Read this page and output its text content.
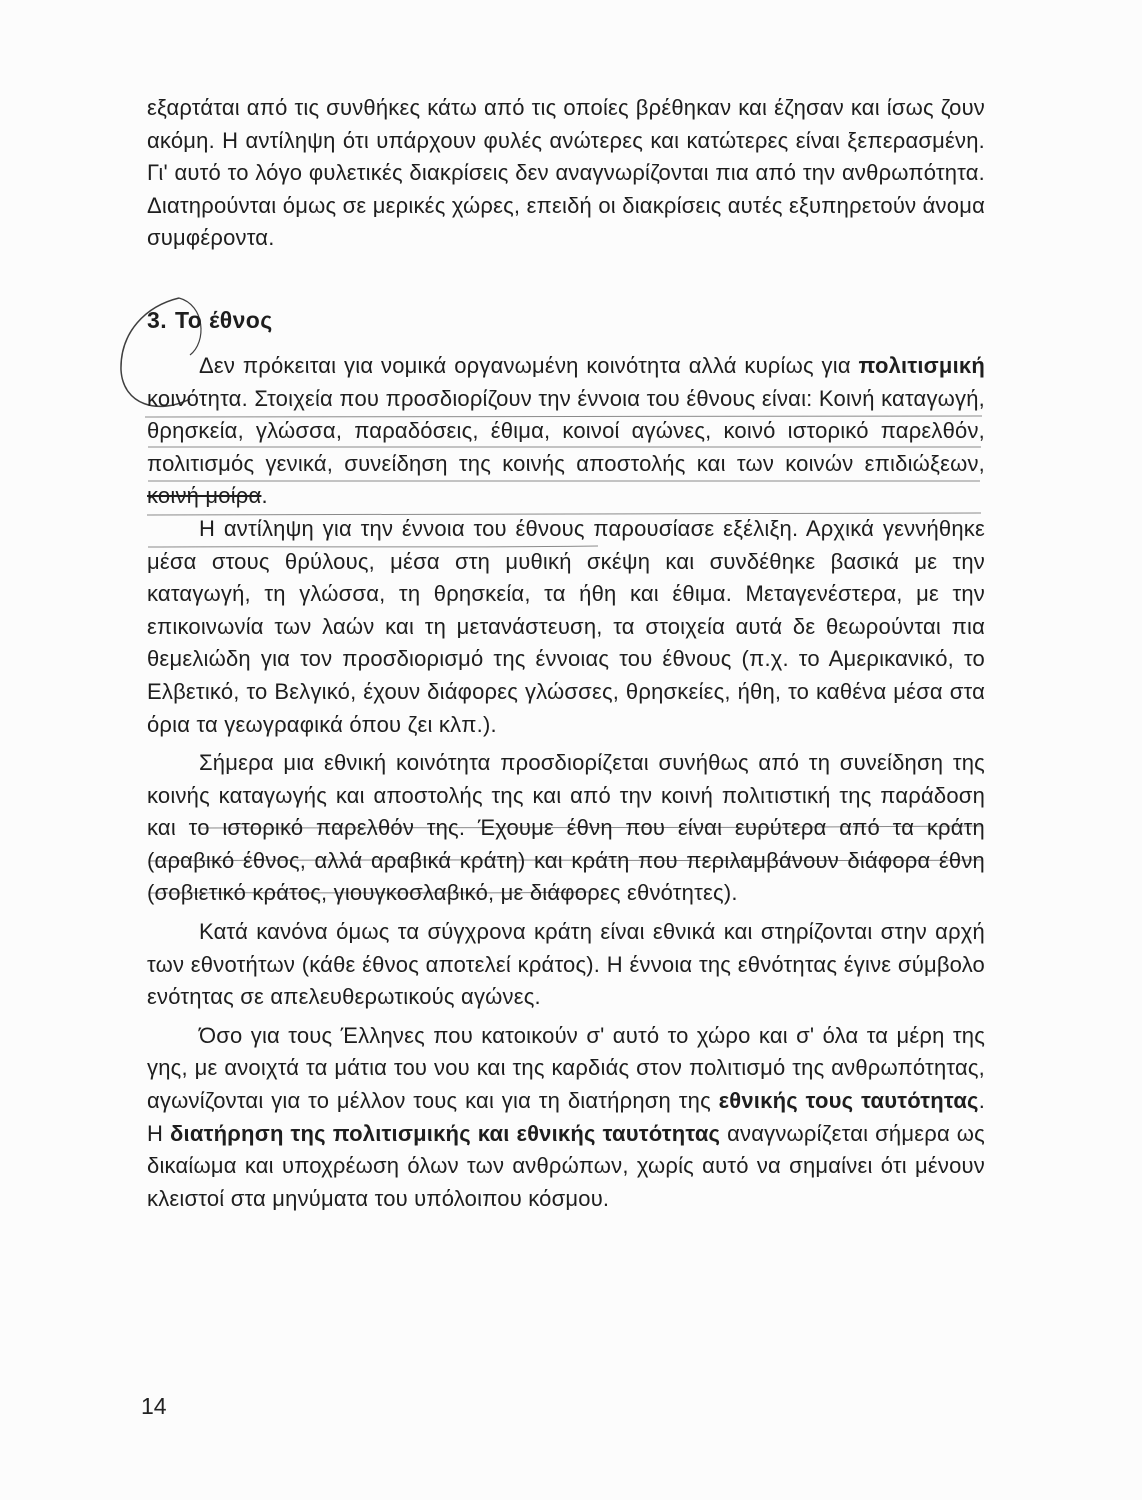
εξαρτάται από τις συνθήκες κάτω από τις οποίες βρέθηκαν και έζησαν και ίσως ζουν ακόμη. Η αντίληψη ότι υπάρχουν φυλές ανώτερες και κατώτερες είναι ξεπερασμένη. Γι' αυτό το λόγο φυλετικές διακρίσεις δεν αναγνωρίζονται πια από την ανθρωπότητα. Διατηρούνται όμως σε μερικές χώρες, επειδή οι διακρίσεις αυτές εξυπηρετούν άνομα συμφέροντα.

3. Το έθνος

Δεν πρόκειται για νομικά οργανωμένη κοινότητα αλλά κυρίως για πολιτισμική κοινότητα. Στοιχεία που προσδιορίζουν την έννοια του έθνους είναι: Κοινή καταγωγή, θρησκεία, γλώσσα, παραδόσεις, έθιμα, κοινοί αγώνες, κοινό ιστορικό παρελθόν, πολιτισμός γενικά, συνείδηση της κοινής αποστολής και των κοινών επιδιώξεων, κοινή μοίρα.

Η αντίληψη για την έννοια του έθνους παρουσίασε εξέλιξη. Αρχικά γεννήθηκε μέσα στους θρύλους, μέσα στη μυθική σκέψη και συνδέθηκε βασικά με την καταγωγή, τη γλώσσα, τη θρησκεία, τα ήθη και έθιμα. Μεταγενέστερα, με την επικοινωνία των λαών και τη μετανάστευση, τα στοιχεία αυτά δε θεωρούνται πια θεμελιώδη για τον προσδιορισμό της έννοιας του έθνους (π.χ. το Αμερικανικό, το Ελβετικό, το Βελγικό, έχουν διάφορες γλώσσες, θρησκείες, ήθη, το καθένα μέσα στα όρια τα γεωγραφικά όπου ζει κλπ.).

Σήμερα μια εθνική κοινότητα προσδιορίζεται συνήθως από τη συνείδηση της κοινής καταγωγής και αποστολής της και από την κοινή πολιτιστική της παράδοση και το ιστορικό παρελθόν της. Έχουμε έθνη που είναι ευρύτερα από τα κράτη (αραβικό έθνος, αλλά αραβικά κράτη) και κράτη που περιλαμβάνουν διάφορα έθνη (σοβιετικό κράτος, γιουγκοσλαβικό, με διάφορες εθνότητες).

Κατά κανόνα όμως τα σύγχρονα κράτη είναι εθνικά και στηρίζονται στην αρχή των εθνοτήτων (κάθε έθνος αποτελεί κράτος). Η έννοια της εθνότητας έγινε σύμβολο ενότητας σε απελευθερωτικούς αγώνες.

Όσο για τους Έλληνες που κατοικούν σ' αυτό το χώρο και σ' όλα τα μέρη της γης, με ανοιχτά τα μάτια του νου και της καρδιάς στον πολιτισμό της ανθρωπότητας, αγωνίζονται για το μέλλον τους και για τη διατήρηση της εθνικής τους ταυτότητας. Η διατήρηση της πολιτισμικής και εθνικής ταυτότητας αναγνωρίζεται σήμερα ως δικαίωμα και υποχρέωση όλων των ανθρώπων, χωρίς αυτό να σημαίνει ότι μένουν κλειστοί στα μηνύματα του υπόλοιπου κόσμου.

14
